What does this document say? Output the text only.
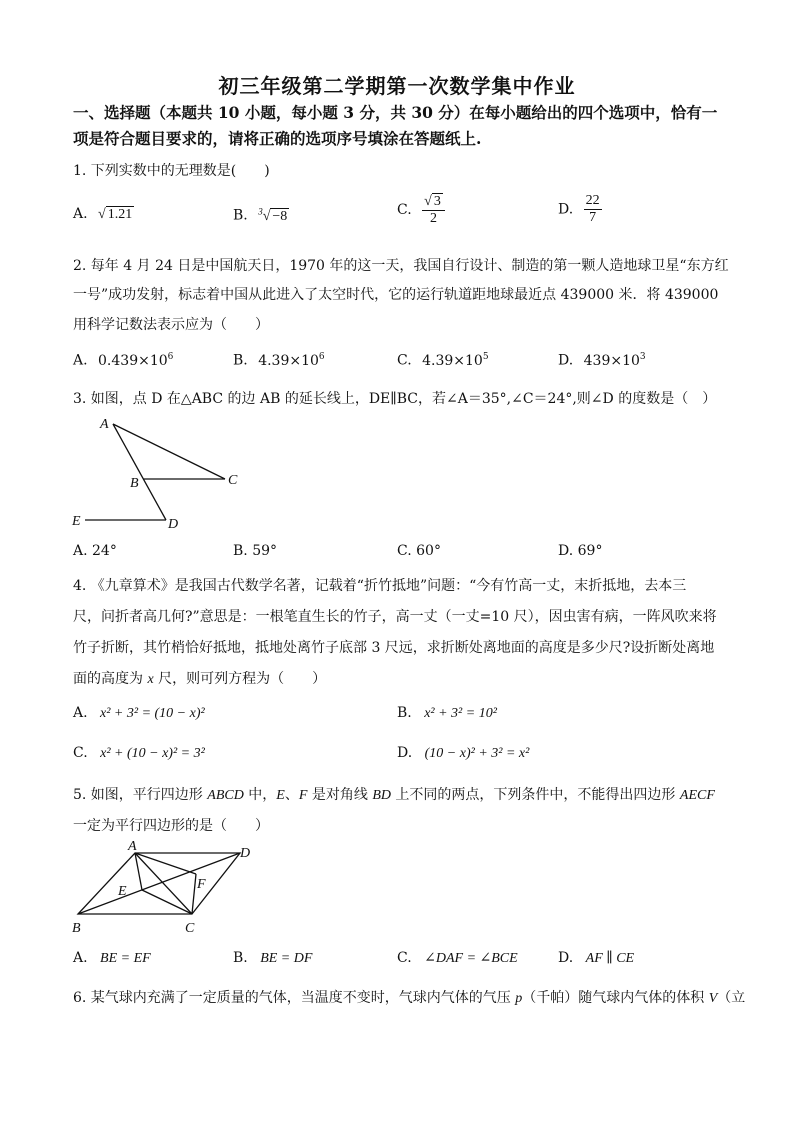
初三年级第二学期第一次数学集中作业
一、选择题（本题共 10 小题，每小题 3 分，共 30 分）在每小题给出的四个选项中，恰有一
项是符合题目要求的，请将正确的选项序号填涂在答题纸上.
1. 下列实数中的无理数是(　　)
A. √ 1.21	B. $^3$√ −8	C. $\frac{√ 3}{2}$	D. $\frac{22}{7}$
2. 每年 4 月 24 日是中国航天日，1970 年的这一天，我国自行设计、制造的第一颗人造地球卫星“东方红
一号”成功发射，标志着中国从此进入了太空时代，它的运行轨道距地球最近点 439000 米．将 439000
用科学记数法表示应为（　　）
A. $0.439\times 10^6$	B. $4.39\times 10^6$	C. $4.39\times 10^5$	D. $439\times 10^3$
3. 如图，点 D 在△ABC 的边 AB 的延长线上，DE∥BC，若∠A＝35°,∠C＝24°,则∠D 的度数是（　）
A
B	C
D
E
A. 24°	B. 59°	C. 60°	D. 69°
4. 《九章算术》是我国古代数学名著，记载着“折竹抵地”问题：“今有竹高一丈，末折抵地，去本三
尺，问折者高几何?”意思是：一根笔直生长的竹子，高一丈（一丈=10 尺），因虫害有病，一阵风吹来将
竹子折断，其竹梢恰好抵地，抵地处离竹子底部 3 尺远，求折断处离地面的高度是多少尺?设折断处离地
面的高度为 x 尺，则可列方程为（　　）
A. x² + 3² = (10 − x)²	B. x² + 3² = 10²
C. x² + (10 − x)² = 3²	D. (10 − x)² + 3² = x²
5. 如图，平行四边形 ABCD 中，E、F 是对角线 BD 上不同的两点，下列条件中，不能得出四边形 AECF
一定为平行四边形的是（　　）
A	D
B	C
E	F
A. BE = EF	B. BE = DF	C. ∠DAF = ∠BCE	D. AF ∥ CE
6. 某气球内充满了一定质量的气体，当温度不变时，气球内气体的气压 p（千帕）随气球内气体的体积 V（立
